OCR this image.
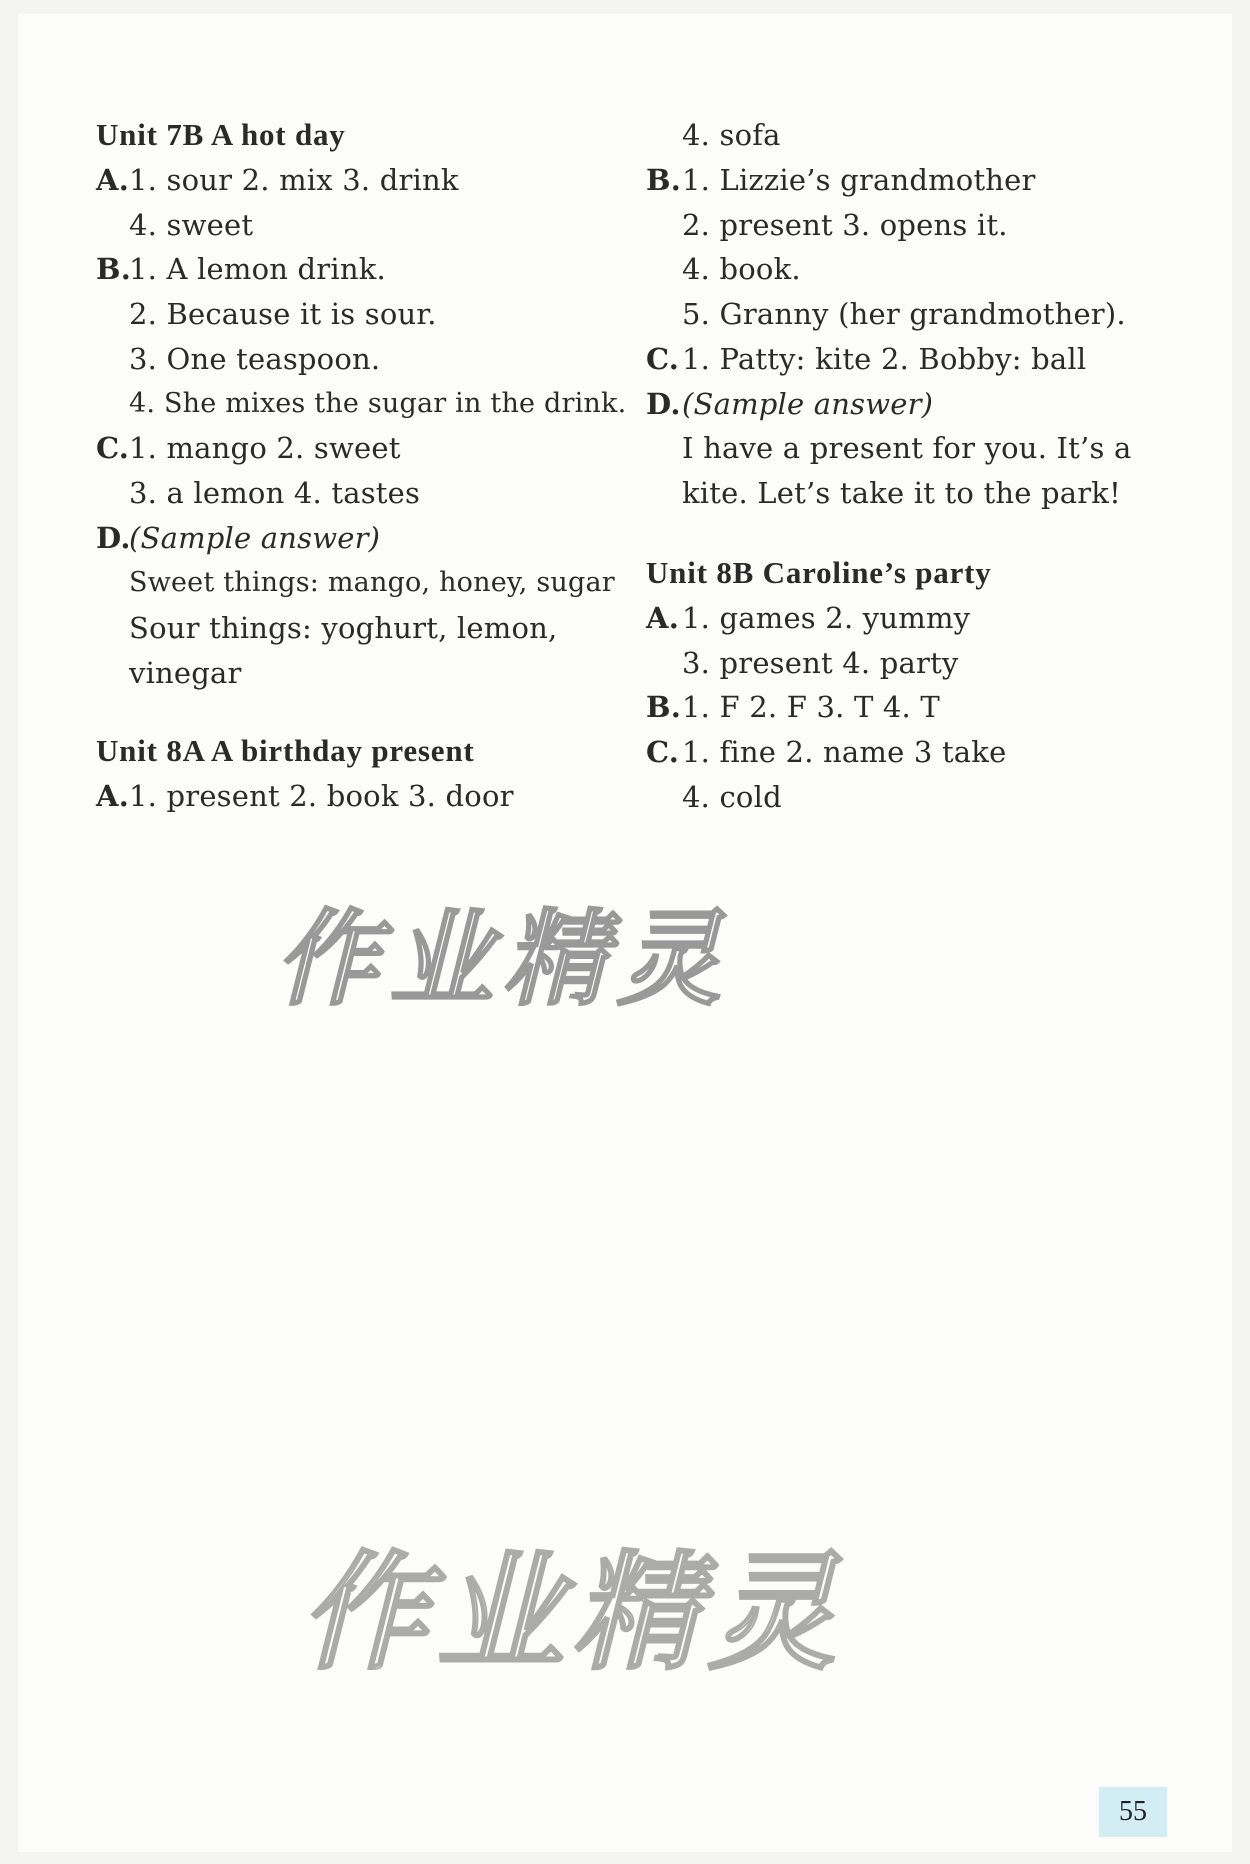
Unit 7B A hot day
A. 1. sour 2. mix 3. drink
4. sweet
B.
1. A lemon drink.
2. Because it is sour.
3. One teaspoon.
4. She mixes the sugar in the drink.
C. 1. mango 2. sweet
3. a lemon 4. tastes
D.
(Sample answer)
Sweet things: mango, honey, sugar
Sour things: yoghurt, lemon,
vinegar
Unit 8A A birthday present
A. 1. present 2. book 3. door
4. sofa
B. 1. Lizzie’s grandmother
2. present 3. opens it.
4. book.
5. Granny (her grandmother).
C. 1. Patty: kite 2. Bobby: ball
D. (Sample answer)
I have a present for you. It’s a
kite. Let’s take it to the park!
Unit 8B Caroline’s party
A. 1. games 2. yummy
3. present 4. party
B. 1. F 2. F 3. T 4. T
C. 1. fine 2. name 3 take
4. cold
55
